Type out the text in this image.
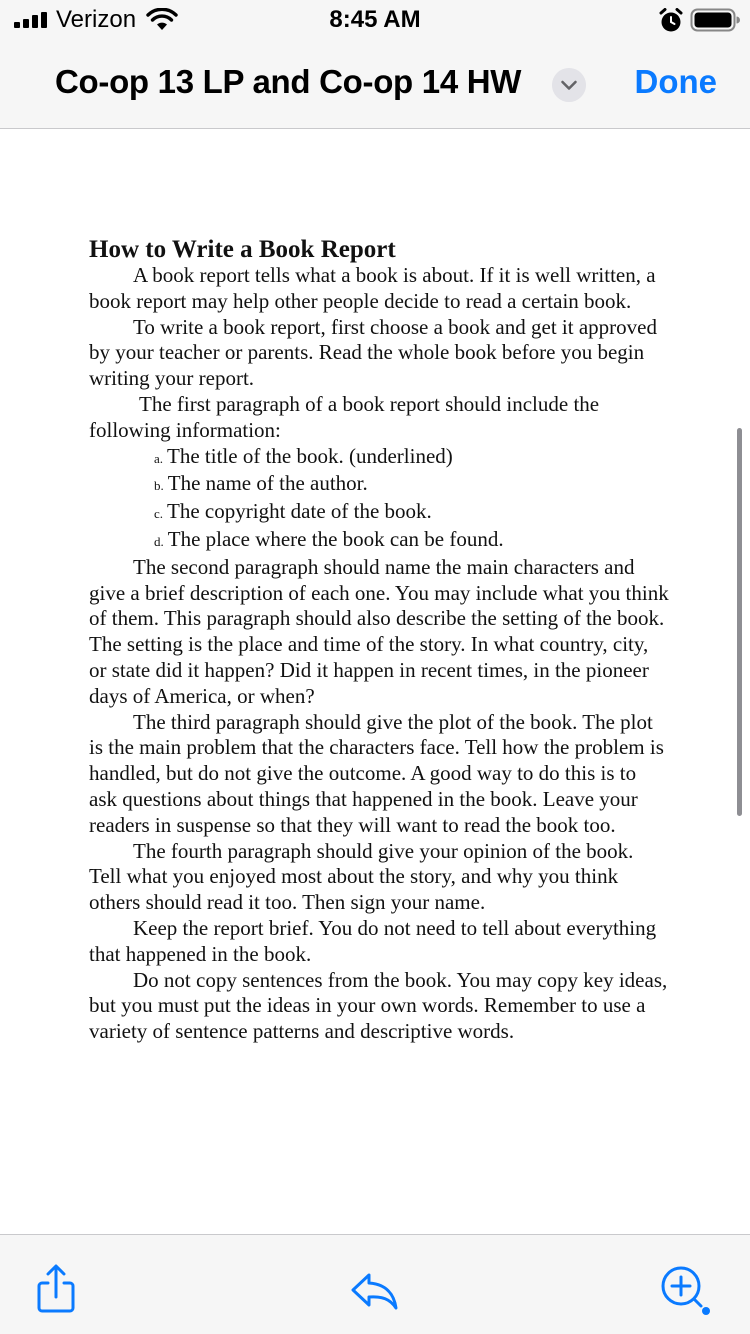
Verizon	8:45 AM
Co-op 13 LP and Co-op 14 HW	Done
How to Write a Book Report

A book report tells what a book is about. If it is well written, a book report may help other people decide to read a certain book.

To write a book report, first choose a book and get it approved by your teacher or parents. Read the whole book before you begin writing your report.

The first paragraph of a book report should include the following information:

a. The title of the book. (underlined)
b. The name of the author.
c. The copyright date of the book.
d. The place where the book can be found.

The second paragraph should name the main characters and give a brief description of each one. You may include what you think of them. This paragraph should also describe the setting of the book. The setting is the place and time of the story. In what country, city, or state did it happen? Did it happen in recent times, in the pioneer days of America, or when?

The third paragraph should give the plot of the book. The plot is the main problem that the characters face. Tell how the problem is handled, but do not give the outcome. A good way to do this is to ask questions about things that happened in the book. Leave your readers in suspense so that they will want to read the book too.

The fourth paragraph should give your opinion of the book. Tell what you enjoyed most about the story, and why you think others should read it too. Then sign your name.

Keep the report brief. You do not need to tell about everything that happened in the book.

Do not copy sentences from the book. You may copy key ideas, but you must put the ideas in your own words. Remember to use a variety of sentence patterns and descriptive words.
